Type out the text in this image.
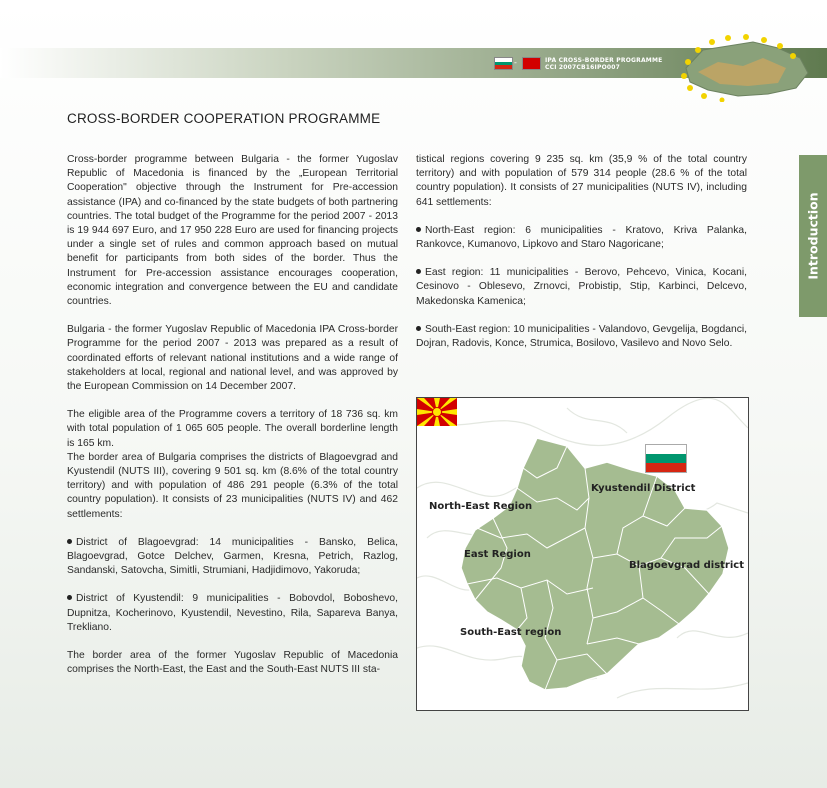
-	IPA CROSS-BORDER PROGRAMME
CCI 2007CB16IPO007
Introduction
CROSS-BORDER COOPERATION PROGRAMME

Cross-border programme between Bulgaria - the former Yugoslav Republic of Macedonia is financed by the „European Territorial Cooperation" objective through the Instrument for Pre-accession assistance (IPA) and co-financed by the state budgets of both partnering countries. The total budget of the Programme for the period 2007 - 2013 is 19 944 697 Euro, and 17 950 228 Euro are used for financing projects under a single set of rules and common approach based on mutual benefit for participants from both sides of the border. Thus the Instrument for Pre-accession assistance encourages cooperation, economic integration and convergence between the EU and candidate countries.

Bulgaria - the former Yugoslav Republic of Macedonia IPA Cross-border Programme for the period 2007 - 2013 was prepared as a result of coordinated efforts of relevant national institutions and a wide range of stakeholders at local, regional and national level, and was approved by the European Commission on 14 December 2007.

The eligible area of the Programme covers a territory of 18 736 sq. km with total population of 1 065 605 people. The overall borderline length is 165 km.

The border area of Bulgaria comprises the districts of Blagoevgrad and Kyustendil (NUTS III), covering 9 501 sq. km (8.6% of the total country territory) and with population of 486 291 people (6.3% of the total country population). It consists of 23 municipalities (NUTS IV) and 462 settlements:

District of Blagoevgrad: 14 municipalities - Bansko, Belica, Blagoevgrad, Gotce Delchev, Garmen, Kresna, Petrich, Razlog, Sandanski, Satovcha, Simitli, Strumiani, Hadjidimovo, Yakoruda;

District of Kyustendil: 9 municipalities - Bobovdol, Boboshevo, Dupnitza, Kocherinovo, Kyustendil, Nevestino, Rila, Sapareva Banya, Trekliano.

The border area of the former Yugoslav Republic of Macedonia comprises the North-East, the East and the South-East NUTS III sta-

tistical regions covering 9 235 sq. km (35,9 % of the total country territory) and with population of 579 314 people (28.6 % of the total country population). It consists of 27 municipalities (NUTS IV), including 641 settlements:

North-East region: 6 municipalities - Kratovo, Kriva Palanka, Rankovce, Kumanovo, Lipkovo and Staro Nagoricane;

East region: 11 municipalities - Berovo, Pehcevo, Vinica, Kocani, Cesinovo - Oblesevo, Zrnovci, Probistip, Stip, Karbinci, Delcevo, Makedonska Kamenica;

South-East region: 10 municipalities - Valandovo, Gevgelija, Bogdanci, Dojran, Radovis, Konce, Strumica, Bosilovo, Vasilevo and Novo Selo.

Kyustendil District
North-East Region
East Region
Blagoevgrad district
South-East region
